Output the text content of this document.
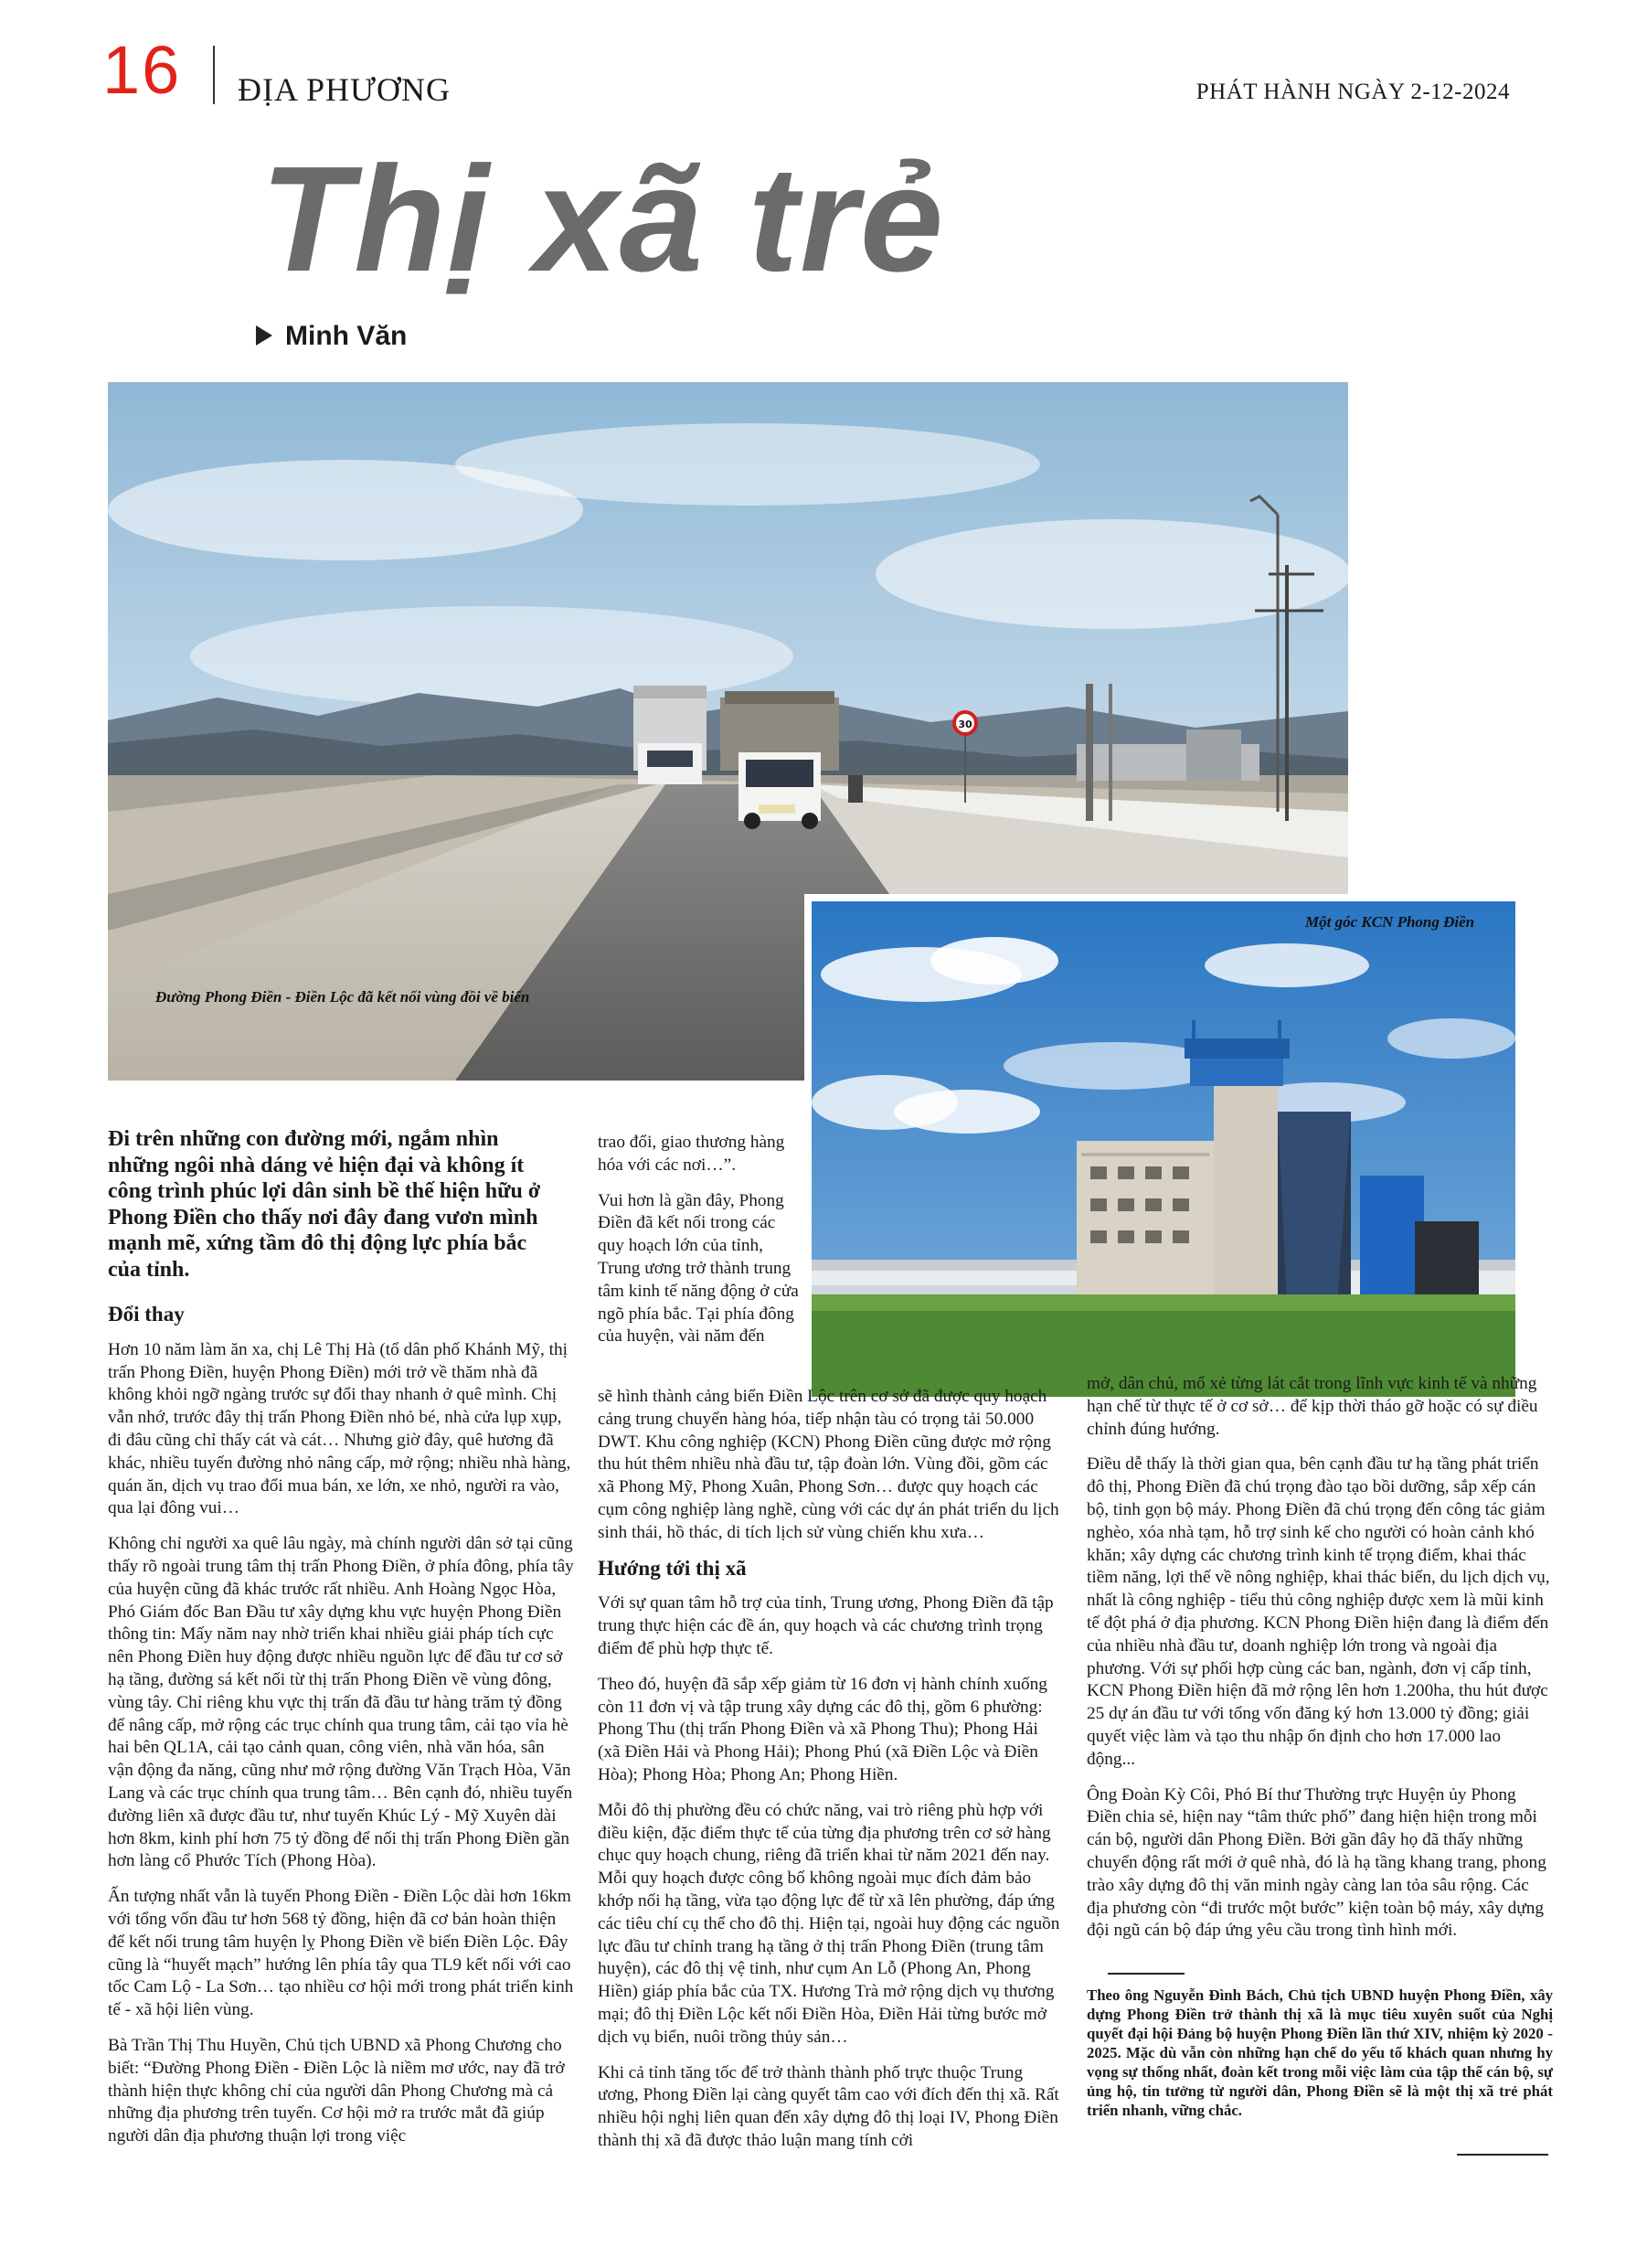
16 ĐỊA PHƯƠNG	PHÁT HÀNH NGÀY 2-12-2024
Thị xã trẻ
Minh Văn
30
Đường Phong Điền - Điền Lộc đã kết nối vùng đồi về biển
Một góc KCN Phong Điền
Đi trên những con đường mới, ngắm nhìn những ngôi nhà dáng vẻ hiện đại và không ít công trình phúc lợi dân sinh bề thế hiện hữu ở Phong Điền cho thấy nơi đây đang vươn mình mạnh mẽ, xứng tầm đô thị động lực phía bắc của tỉnh.

Đổi thay

Hơn 10 năm làm ăn xa, chị Lê Thị Hà (tổ dân phố Khánh Mỹ, thị trấn Phong Điền, huyện Phong Điền) mới trở về thăm nhà đã không khỏi ngỡ ngàng trước sự đổi thay nhanh ở quê mình. Chị vẫn nhớ, trước đây thị trấn Phong Điền nhỏ bé, nhà cửa lụp xụp, đi đâu cũng chỉ thấy cát và cát… Nhưng giờ đây, quê hương đã khác, nhiều tuyến đường nhỏ nâng cấp, mở rộng; nhiều nhà hàng, quán ăn, dịch vụ trao đổi mua bán, xe lớn, xe nhỏ, người ra vào, qua lại đông vui…

Không chỉ người xa quê lâu ngày, mà chính người dân sở tại cũng thấy rõ ngoài trung tâm thị trấn Phong Điền, ở phía đông, phía tây của huyện cũng đã khác trước rất nhiều. Anh Hoàng Ngọc Hòa, Phó Giám đốc Ban Đầu tư xây dựng khu vực huyện Phong Điền thông tin: Mấy năm nay nhờ triển khai nhiều giải pháp tích cực nên Phong Điền huy động được nhiều nguồn lực để đầu tư cơ sở hạ tầng, đường sá kết nối từ thị trấn Phong Điền về vùng đông, vùng tây. Chỉ riêng khu vực thị trấn đã đầu tư hàng trăm tỷ đồng để nâng cấp, mở rộng các trục chính qua trung tâm, cải tạo vỉa hè hai bên QL1A, cải tạo cảnh quan, công viên, nhà văn hóa, sân vận động đa năng, cũng như mở rộng đường Văn Trạch Hòa, Văn Lang và các trục chính qua trung tâm… Bên cạnh đó, nhiều tuyến đường liên xã được đầu tư, như tuyến Khúc Lý - Mỹ Xuyên dài hơn 8km, kinh phí hơn 75 tỷ đồng để nối thị trấn Phong Điền gần hơn làng cổ Phước Tích (Phong Hòa).

Ấn tượng nhất vẫn là tuyến Phong Điền - Điền Lộc dài hơn 16km với tổng vốn đầu tư hơn 568 tỷ đồng, hiện đã cơ bản hoàn thiện để kết nối trung tâm huyện lỵ Phong Điền về biển Điền Lộc. Đây cũng là “huyết mạch” hướng lên phía tây qua TL9 kết nối với cao tốc Cam Lộ - La Sơn… tạo nhiều cơ hội mới trong phát triển kinh tế - xã hội liên vùng.

Bà Trần Thị Thu Huyền, Chủ tịch UBND xã Phong Chương cho biết: “Đường Phong Điền - Điền Lộc là niềm mơ ước, nay đã trở thành hiện thực không chỉ của người dân Phong Chương mà cả những địa phương trên tuyến. Cơ hội mở ra trước mắt đã giúp người dân địa phương thuận lợi trong việc

trao đổi, giao thương hàng hóa với các nơi…”.

Vui hơn là gần đây, Phong Điền đã kết nối trong các quy hoạch lớn của tỉnh, Trung ương trở thành trung tâm kinh tế năng động ở cửa ngõ phía bắc. Tại phía đông của huyện, vài năm đến

sẽ hình thành cảng biển Điền Lộc trên cơ sở đã được quy hoạch cảng trung chuyển hàng hóa, tiếp nhận tàu có trọng tải 50.000 DWT. Khu công nghiệp (KCN) Phong Điền cũng được mở rộng thu hút thêm nhiều nhà đầu tư, tập đoàn lớn. Vùng đồi, gồm các xã Phong Mỹ, Phong Xuân, Phong Sơn… được quy hoạch các cụm công nghiệp làng nghề, cùng với các dự án phát triển du lịch sinh thái, hồ thác, di tích lịch sử vùng chiến khu xưa…

Hướng tới thị xã

Với sự quan tâm hỗ trợ của tỉnh, Trung ương, Phong Điền đã tập trung thực hiện các đề án, quy hoạch và các chương trình trọng điểm để phù hợp thực tế.

Theo đó, huyện đã sắp xếp giảm từ 16 đơn vị hành chính xuống còn 11 đơn vị và tập trung xây dựng các đô thị, gồm 6 phường: Phong Thu (thị trấn Phong Điền và xã Phong Thu); Phong Hải (xã Điền Hải và Phong Hải); Phong Phú (xã Điền Lộc và Điền Hòa); Phong Hòa; Phong An; Phong Hiền.

Mỗi đô thị phường đều có chức năng, vai trò riêng phù hợp với điều kiện, đặc điểm thực tế của từng địa phương trên cơ sở hàng chục quy hoạch chung, riêng đã triển khai từ năm 2021 đến nay. Mỗi quy hoạch được công bố không ngoài mục đích đảm bảo khớp nối hạ tầng, vừa tạo động lực để từ xã lên phường, đáp ứng các tiêu chí cụ thể cho đô thị. Hiện tại, ngoài huy động các nguồn lực đầu tư chỉnh trang hạ tầng ở thị trấn Phong Điền (trung tâm huyện), các đô thị vệ tinh, như cụm An Lỗ (Phong An, Phong Hiền) giáp phía bắc của TX. Hương Trà mở rộng dịch vụ thương mại; đô thị Điền Lộc kết nối Điền Hòa, Điền Hải từng bước mở dịch vụ biển, nuôi trồng thủy sản…

Khi cả tỉnh tăng tốc để trở thành thành phố trực thuộc Trung ương, Phong Điền lại càng quyết tâm cao với đích đến thị xã. Rất nhiều hội nghị liên quan đến xây dựng đô thị loại IV, Phong Điền thành thị xã đã được thảo luận mang tính cởi

mở, dân chủ, mổ xẻ từng lát cắt trong lĩnh vực kinh tế và những hạn chế từ thực tế ở cơ sở… để kịp thời tháo gỡ hoặc có sự điều chỉnh đúng hướng.

Điều dễ thấy là thời gian qua, bên cạnh đầu tư hạ tầng phát triển đô thị, Phong Điền đã chú trọng đào tạo bồi dưỡng, sắp xếp cán bộ, tinh gọn bộ máy. Phong Điền đã chú trọng đến công tác giảm nghèo, xóa nhà tạm, hỗ trợ sinh kế cho người có hoàn cảnh khó khăn; xây dựng các chương trình kinh tế trọng điểm, khai thác tiềm năng, lợi thế về nông nghiệp, khai thác biển, du lịch dịch vụ, nhất là công nghiệp - tiểu thủ công nghiệp được xem là mũi kinh tế đột phá ở địa phương. KCN Phong Điền hiện đang là điểm đến của nhiều nhà đầu tư, doanh nghiệp lớn trong và ngoài địa phương. Với sự phối hợp cùng các ban, ngành, đơn vị cấp tỉnh, KCN Phong Điền hiện đã mở rộng lên hơn 1.200ha, thu hút được 25 dự án đầu tư với tổng vốn đăng ký hơn 13.000 tỷ đồng; giải quyết việc làm và tạo thu nhập ổn định cho hơn 17.000 lao động...

Ông Đoàn Kỳ Côi, Phó Bí thư Thường trực Huyện ủy Phong Điền chia sẻ, hiện nay “tâm thức phố” đang hiện hiện trong mỗi cán bộ, người dân Phong Điền. Bởi gần đây họ đã thấy những chuyển động rất mới ở quê nhà, đó là hạ tầng khang trang, phong trào xây dựng đô thị văn minh ngày càng lan tỏa sâu rộng. Các địa phương còn “đi trước một bước” kiện toàn bộ máy, xây dựng đội ngũ cán bộ đáp ứng yêu cầu trong tình hình mới.

Theo ông Nguyễn Đình Bách, Chủ tịch UBND huyện Phong Điền, xây dựng Phong Điền trở thành thị xã là mục tiêu xuyên suốt của Nghị quyết đại hội Đảng bộ huyện Phong Điền lần thứ XIV, nhiệm kỳ 2020 - 2025. Mặc dù vẫn còn những hạn chế do yếu tố khách quan nhưng hy vọng sự thống nhất, đoàn kết trong mỗi việc làm của tập thể cán bộ, sự ủng hộ, tin tưởng từ người dân, Phong Điền sẽ là một thị xã trẻ phát triển nhanh, vững chắc.
